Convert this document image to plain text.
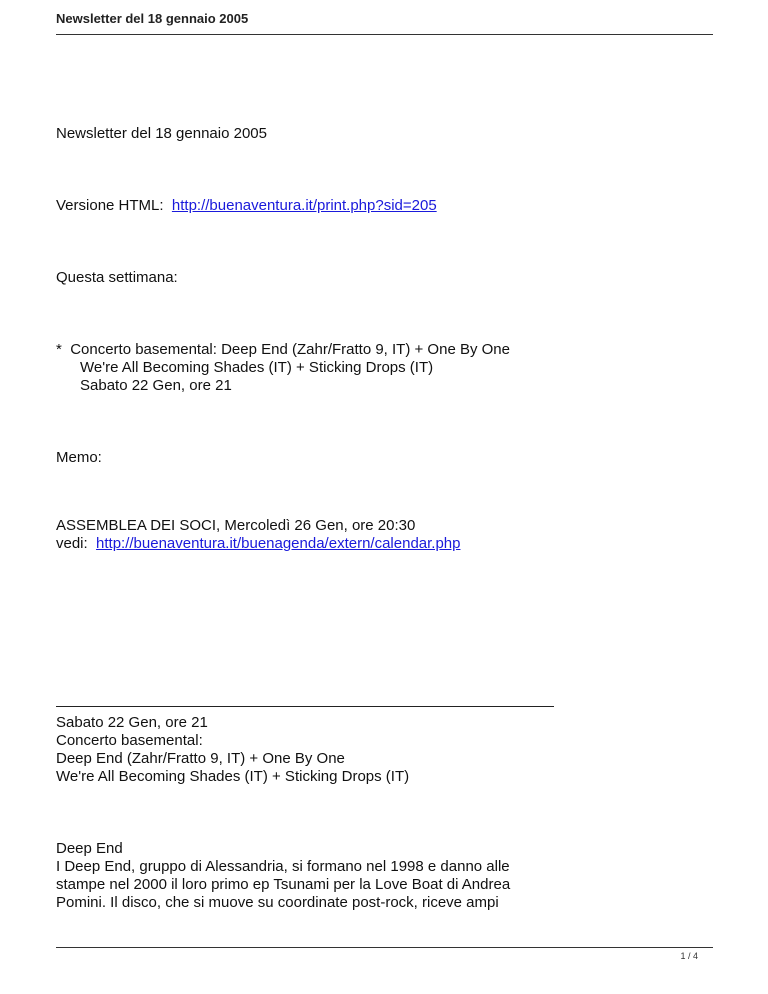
Newsletter del 18 gennaio 2005
Newsletter del 18 gennaio 2005
Versione HTML: http://buenaventura.it/print.php?sid=205
Questa settimana:
* Concerto basemental: Deep End (Zahr/Fratto 9, IT) + One By One
We're All Becoming Shades (IT) + Sticking Drops (IT)
Sabato 22 Gen, ore 21
Memo:
ASSEMBLEA DEI SOCI, Mercoledì 26 Gen, ore 20:30
vedi: http://buenaventura.it/buenagenda/extern/calendar.php
Sabato 22 Gen, ore 21
Concerto basemental:
Deep End (Zahr/Fratto 9, IT) + One By One
We're All Becoming Shades (IT) + Sticking Drops (IT)
Deep End
I Deep End, gruppo di Alessandria, si formano nel 1998 e danno alle
stampe nel 2000 il loro primo ep Tsunami per la Love Boat di Andrea
Pomini. Il disco, che si muove su coordinate post-rock, riceve ampi
1 / 4
